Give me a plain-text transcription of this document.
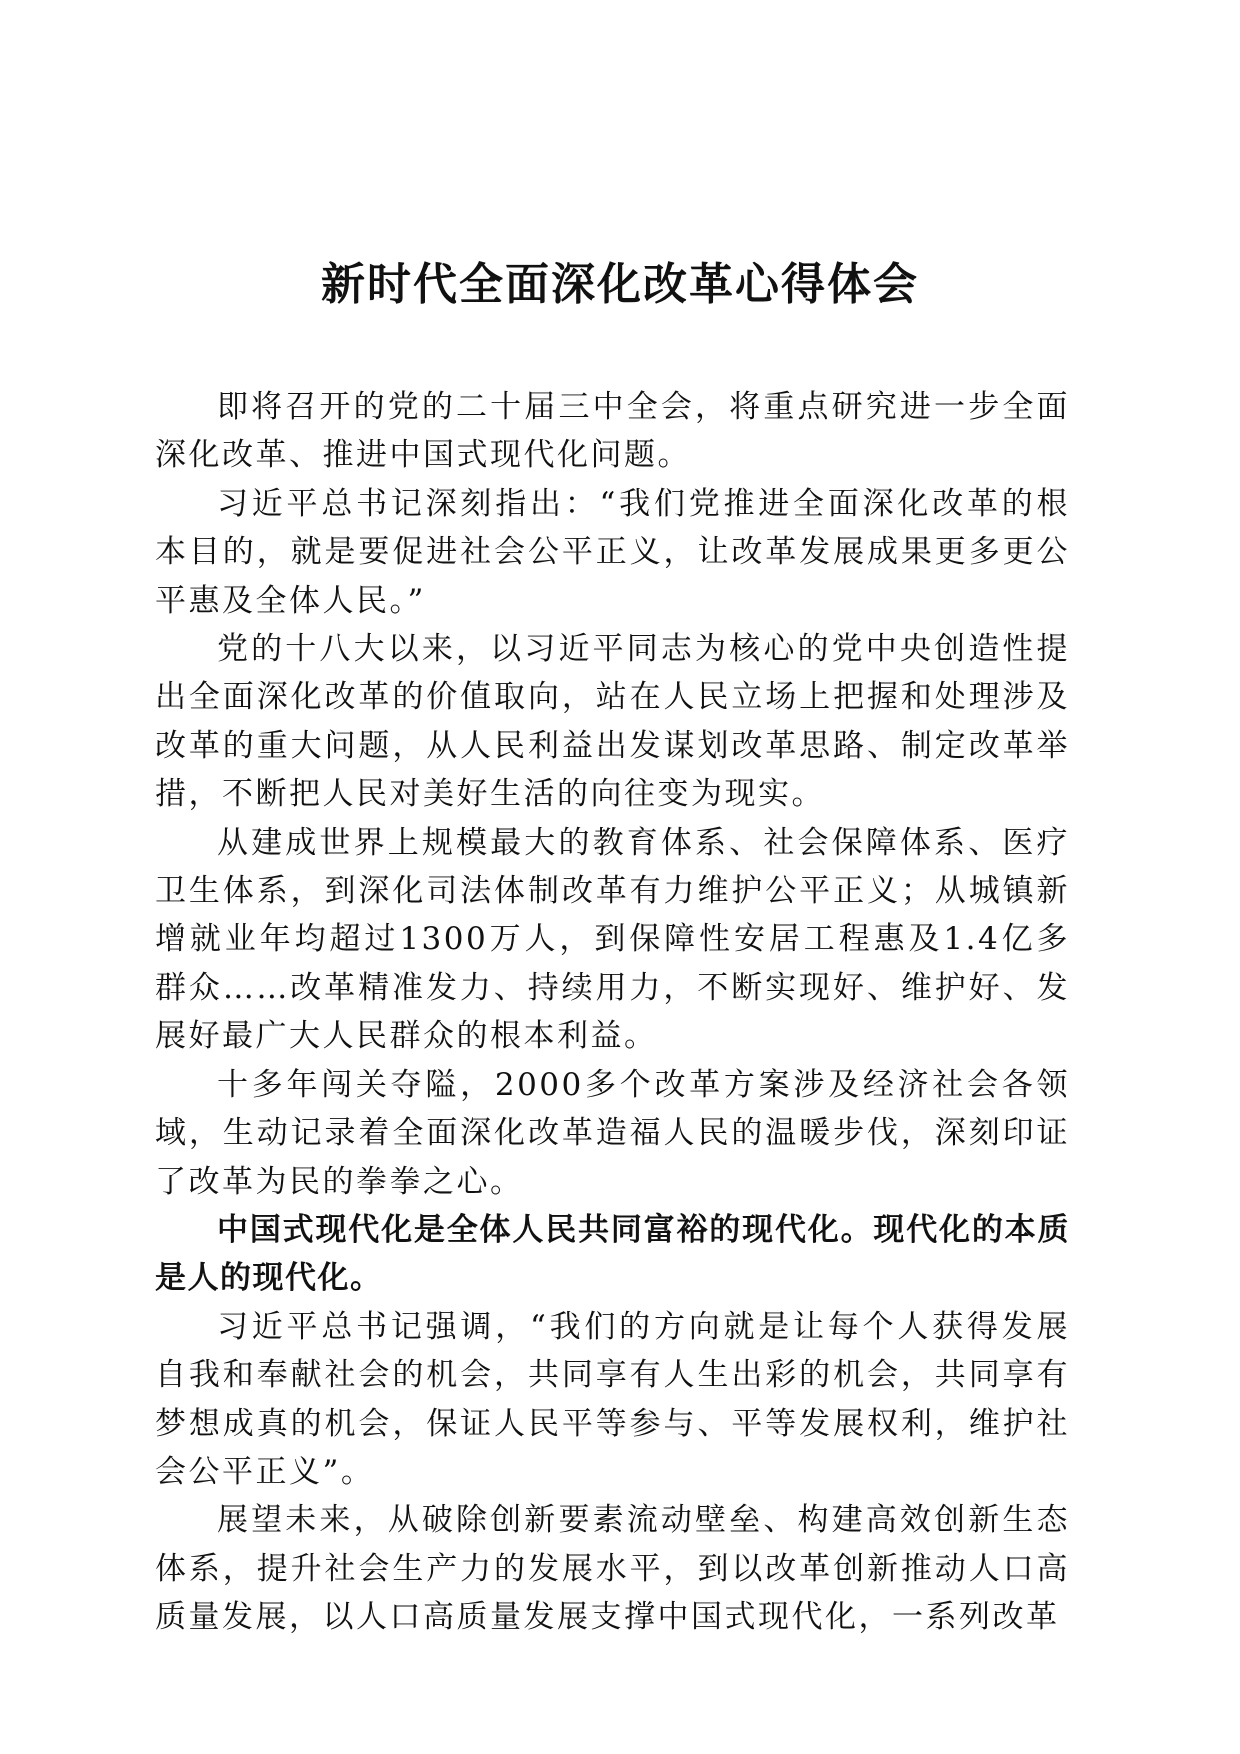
新时代全面深化改革心得体会

即将召开的党的二十届三中全会，将重点研究进一步全面深化改革、推进中国式现代化问题。

习近平总书记深刻指出：“我们党推进全面深化改革的根本目的，就是要促进社会公平正义，让改革发展成果更多更公平惠及全体人民。”

党的十八大以来，以习近平同志为核心的党中央创造性提出全面深化改革的价值取向，站在人民立场上把握和处理涉及改革的重大问题，从人民利益出发谋划改革思路、制定改革举措，不断把人民对美好生活的向往变为现实。

从建成世界上规模最大的教育体系、社会保障体系、医疗卫生体系，到深化司法体制改革有力维护公平正义；从城镇新增就业年均超过1300万人，到保障性安居工程惠及1.4亿多群众……改革精准发力、持续用力，不断实现好、维护好、发展好最广大人民群众的根本利益。

十多年闯关夺隘，2000多个改革方案涉及经济社会各领域，生动记录着全面深化改革造福人民的温暖步伐，深刻印证了改革为民的拳拳之心。

中国式现代化是全体人民共同富裕的现代化。现代化的本质是人的现代化。

习近平总书记强调，“我们的方向就是让每个人获得发展自我和奉献社会的机会，共同享有人生出彩的机会，共同享有梦想成真的机会，保证人民平等参与、平等发展权利，维护社会公平正义”。

展望未来，从破除创新要素流动壁垒、构建高效创新生态体系，提升社会生产力的发展水平，到以改革创新推动人口高质量发展，以人口高质量发展支撑中国式现代化，一系列改革
